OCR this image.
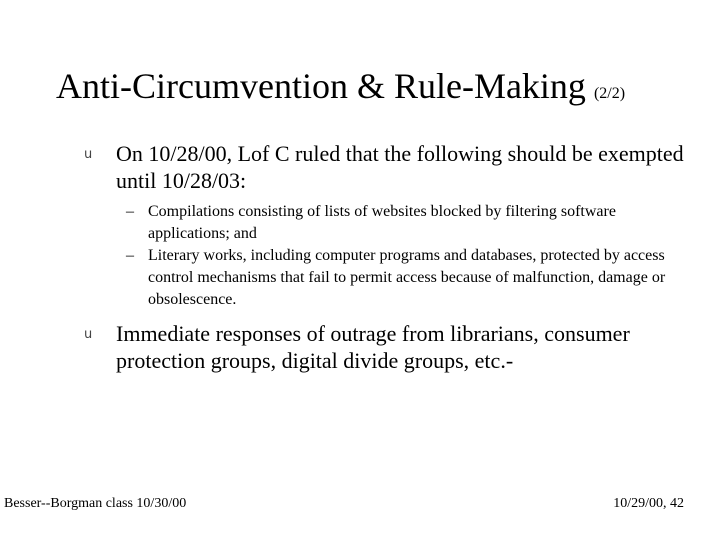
Anti-Circumvention & Rule-Making (2/2)
u On 10/28/00, Lof C ruled that the following should be exempted until 10/28/03:
– Compilations consisting of lists of websites blocked by filtering software applications; and
– Literary works, including computer programs and databases, protected by access control mechanisms that fail to permit access because of malfunction, damage or obsolescence.
u Immediate responses of outrage from librarians, consumer protection groups, digital divide groups, etc.-
Besser--Borgman class 10/30/00	10/29/00, 42
